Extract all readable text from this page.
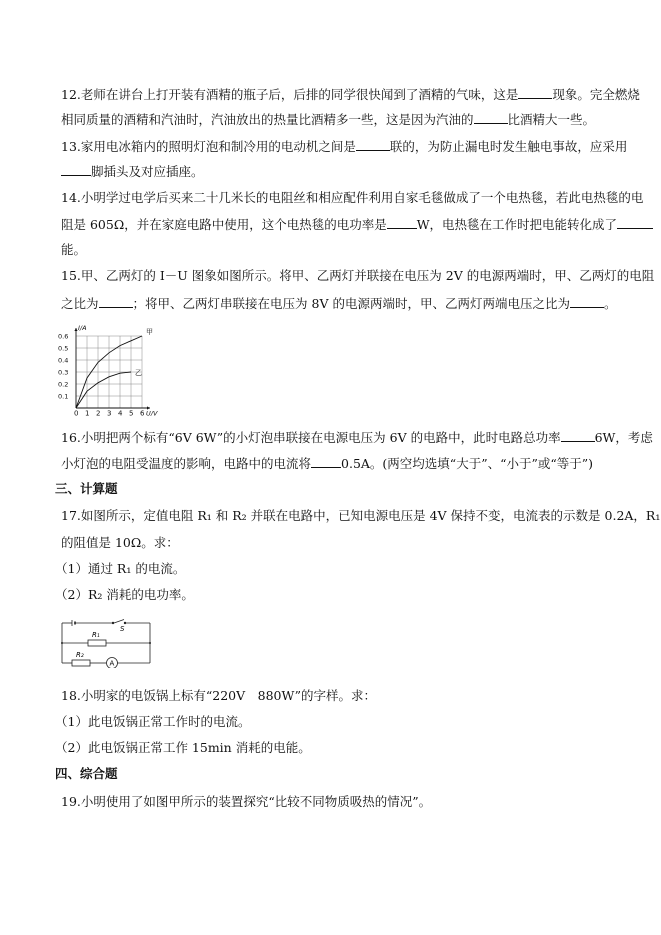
12.老师在讲台上打开装有酒精的瓶子后，后排的同学很快闻到了酒精的气味，这是	现象。完全燃烧
相同质量的酒精和汽油时，汽油放出的热量比酒精多一些，这是因为汽油的	比酒精大一些。
13.家用电冰箱内的照明灯泡和制冷用的电动机之间是	联的，为防止漏电时发生触电事故，应采用
脚插头及对应插座。
14.小明学过电学后买来二十几米长的电阻丝和相应配件利用自家毛毯做成了一个电热毯，若此电热毯的电
阻是 605Ω，并在家庭电路中使用，这个电热毯的电功率是 W，电热毯在工作时把电能转化成了
能。
15.甲、乙两灯的 I－U 图象如图所示。将甲、乙两灯并联接在电压为 2V 的电源两端时，甲、乙两灯的电阻
之比为	；将甲、乙两灯串联接在电压为 8V 的电源两端时，甲、乙两灯两端电压之比为	。
0 1 2 3 4 5 6
0.1
0.2
0.3
0.4
0.5
0.6
I/A
U/V
甲
乙
16.小明把两个标有“6V 6W”的小灯泡串联接在电源电压为 6V 的电路中，此时电路总功率	6W，考虑
小灯泡的电阻受温度的影响，电路中的电流将 0.5A。(两空均选填“大于”、“小于”或“等于”)
三、计算题
17.如图所示，定值电阻 R₁ 和 R₂ 并联在电路中，已知电源电压是 4V 保持不变，电流表的示数是 0.2A，R₁
的阻值是 10Ω。求：
（1）通过 R₁ 的电流。
（2）R₂ 消耗的电功率。
S
R₁
R₂
A
18.小明家的电饭锅上标有“220V　880W”的字样。求：
（1）此电饭锅正常工作时的电流。
（2）此电饭锅正常工作 15min 消耗的电能。
四、综合题
19.小明使用了如图甲所示的装置探究“比较不同物质吸热的情况”。
